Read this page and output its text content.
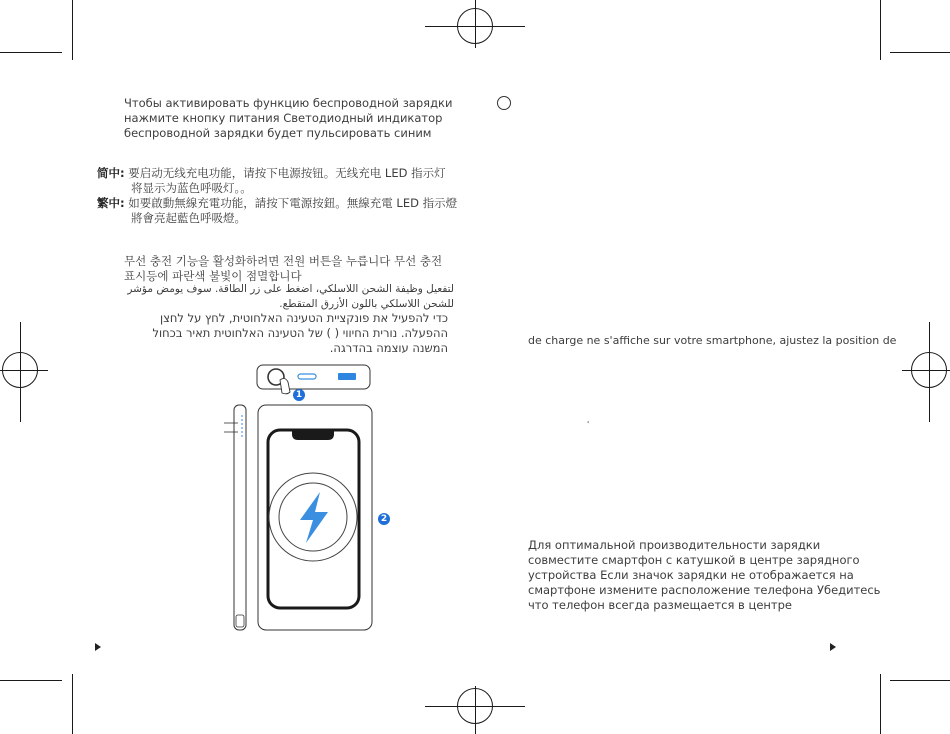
Чтобы активировать функцию беспроводной зарядки
нажмите кнопку питания Светодиодный индикатор
беспроводной зарядки будет пульсировать синим
简中: 要启动无线充电功能，请按下电源按钮。无线充电 LED 指示灯
将显示为蓝色呼吸灯。。
繁中: 如要啟動無線充電功能，請按下電源按鈕。無線充電 LED 指示燈
將會亮起藍色呼吸燈。
무선 충전 기능을 활성화하려면 전원 버튼을 누릅니다 무선 충전
표시등에 파란색 불빛이 점멸합니다
لتفعيل وظيفة الشحن اللاسلكي، اضغط على زر الطاقة. سوف يومض مؤشر
للشحن اللاسلكي باللون الأزرق المتقطع.
כדי להפעיל את פונקציית הטעינה האלחוטית, לחץ על לחצן
ההפעלה. נורית החיווי ( ) של הטעינה האלחוטית תאיר בכחול
המשנה עוצמה בהדרגה.
1
2
de charge ne s'affiche sur votre smartphone, ajustez la position de
'
Для оптимальной производительности зарядки
совместите смартфон с катушкой в центре зарядного
устройства Если значок зарядки не отображается на
смартфоне измените расположение телефона Убедитесь
что телефон всегда размещается в центре
